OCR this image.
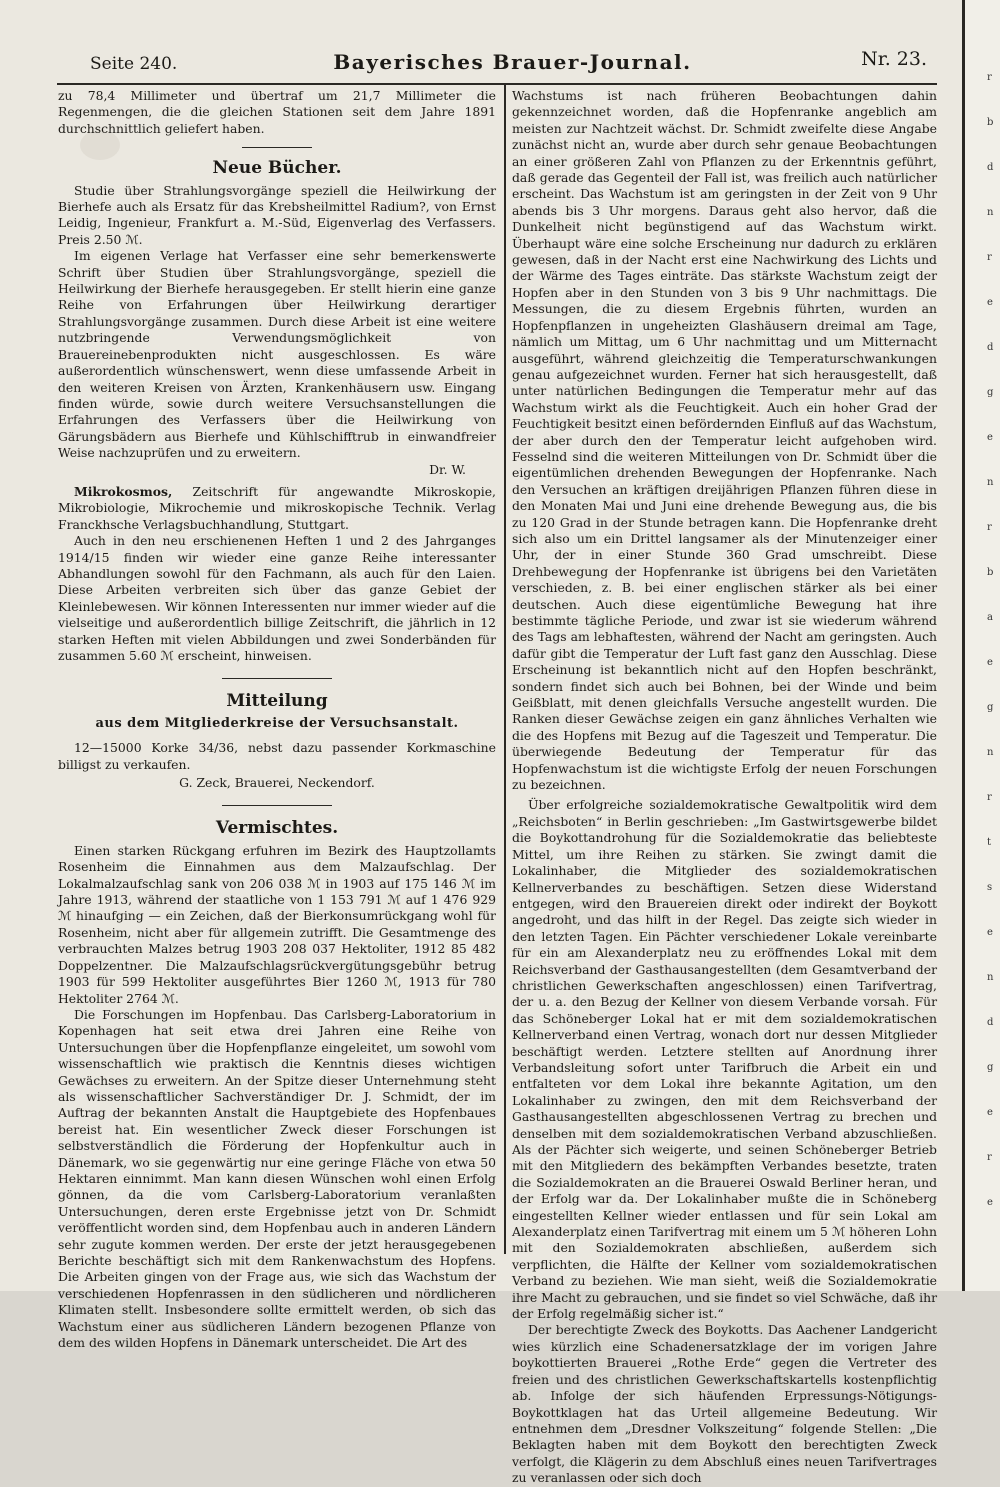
Seite 240.	Bayerisches Brauer-Journal.	Nr. 23.

zu 78,4 Millimeter und übertraf um 21,7 Millimeter die Regenmengen, die die gleichen Stationen seit dem Jahre 1891 durchschnittlich geliefert haben.

Neue Bücher.

Studie über Strahlungsvorgänge speziell die Heilwirkung der Bierhefe auch als Ersatz für das Krebsheilmittel Radium?, von Ernst Leidig, Ingenieur, Frankfurt a. M.-Süd, Eigenverlag des Verfassers. Preis 2.50 ℳ.

Im eigenen Verlage hat Verfasser eine sehr bemerkenswerte Schrift über Studien über Strahlungsvorgänge, speziell die Heilwirkung der Bierhefe herausgegeben. Er stellt hierin eine ganze Reihe von Erfahrungen über Heilwirkung derartiger Strahlungsvorgänge zusammen. Durch diese Arbeit ist eine weitere nutzbringende Verwendungsmöglichkeit von Brauereinebenprodukten nicht ausgeschlossen. Es wäre außerordentlich wünschenswert, wenn diese umfassende Arbeit in den weiteren Kreisen von Ärzten, Krankenhäusern usw. Eingang finden würde, sowie durch weitere Versuchsanstellungen die Erfahrungen des Verfassers über die Heilwirkung von Gärungsbädern aus Bierhefe und Kühlschifftrub in einwandfreier Weise nachzuprüfen und zu erweitern.

Dr. W.

Mikrokosmos, Zeitschrift für angewandte Mikroskopie, Mikrobiologie, Mikrochemie und mikroskopische Technik. Verlag Franckhsche Verlagsbuchhandlung, Stuttgart.

Auch in den neu erschienenen Heften 1 und 2 des Jahrganges 1914/15 finden wir wieder eine ganze Reihe interessanter Abhandlungen sowohl für den Fachmann, als auch für den Laien. Diese Arbeiten verbreiten sich über das ganze Gebiet der Kleinlebewesen. Wir können Interessenten nur immer wieder auf die vielseitige und außerordentlich billige Zeitschrift, die jährlich in 12 starken Heften mit vielen Abbildungen und zwei Sonderbänden für zusammen 5.60 ℳ erscheint, hinweisen.

Mitteilung
aus dem Mitgliederkreise der Versuchsanstalt.

12—15000 Korke 34/36, nebst dazu passender Korkmaschine billigst zu verkaufen.

G. Zeck, Brauerei, Neckendorf.
Vermischtes.

Einen starken Rückgang erfuhren im Bezirk des Hauptzollamts Rosenheim die Einnahmen aus dem Malzaufschlag. Der Lokalmalzaufschlag sank von 206 038 ℳ in 1903 auf 175 146 ℳ im Jahre 1913, während der staatliche von 1 153 791 ℳ auf 1 476 929 ℳ hinaufging — ein Zeichen, daß der Bierkonsumrückgang wohl für Rosenheim, nicht aber für allgemein zutrifft. Die Gesamtmenge des verbrauchten Malzes betrug 1903 208 037 Hektoliter, 1912 85 482 Doppelzentner. Die Malzaufschlagsrückvergütungsgebühr betrug 1903 für 599 Hektoliter ausgeführtes Bier 1260 ℳ, 1913 für 780 Hektoliter 2764 ℳ.

Die Forschungen im Hopfenbau. Das Carlsberg-Laboratorium in Kopenhagen hat seit etwa drei Jahren eine Reihe von Untersuchungen über die Hopfenpflanze eingeleitet, um sowohl vom wissenschaftlich wie praktisch die Kenntnis dieses wichtigen Gewächses zu erweitern. An der Spitze dieser Unternehmung steht als wissenschaftlicher Sachverständiger Dr. J. Schmidt, der im Auftrag der bekannten Anstalt die Hauptgebiete des Hopfenbaues bereist hat. Ein wesentlicher Zweck dieser Forschungen ist selbstverständlich die Förderung der Hopfenkultur auch in Dänemark, wo sie gegenwärtig nur eine geringe Fläche von etwa 50 Hektaren einnimmt. Man kann diesen Wünschen wohl einen Erfolg gönnen, da die vom Carlsberg-Laboratorium veranlaßten Untersuchungen, deren erste Ergebnisse jetzt von Dr. Schmidt veröffentlicht worden sind, dem Hopfenbau auch in anderen Ländern sehr zugute kommen werden. Der erste der jetzt herausgegebenen Berichte beschäftigt sich mit dem Rankenwachstum des Hopfens. Die Arbeiten gingen von der Frage aus, wie sich das Wachstum der verschiedenen Hopfenrassen in den südlicheren und nördlicheren Klimaten stellt. Insbesondere sollte ermittelt werden, ob sich das Wachstum einer aus südlicheren Ländern bezogenen Pflanze von dem des wilden Hopfens in Dänemark unterscheidet. Die Art des

Wachstums ist nach früheren Beobachtungen dahin gekennzeichnet worden, daß die Hopfenranke angeblich am meisten zur Nachtzeit wächst. Dr. Schmidt zweifelte diese Angabe zunächst nicht an, wurde aber durch sehr genaue Beobachtungen an einer größeren Zahl von Pflanzen zu der Erkenntnis geführt, daß gerade das Gegenteil der Fall ist, was freilich auch natürlicher erscheint. Das Wachstum ist am geringsten in der Zeit von 9 Uhr abends bis 3 Uhr morgens. Daraus geht also hervor, daß die Dunkelheit nicht begünstigend auf das Wachstum wirkt. Überhaupt wäre eine solche Erscheinung nur dadurch zu erklären gewesen, daß in der Nacht erst eine Nachwirkung des Lichts und der Wärme des Tages einträte. Das stärkste Wachstum zeigt der Hopfen aber in den Stunden von 3 bis 9 Uhr nachmittags. Die Messungen, die zu diesem Ergebnis führten, wurden an Hopfenpflanzen in ungeheizten Glashäusern dreimal am Tage, nämlich um Mittag, um 6 Uhr nachmittag und um Mitternacht ausgeführt, während gleichzeitig die Temperaturschwankungen genau aufgezeichnet wurden. Ferner hat sich herausgestellt, daß unter natürlichen Bedingungen die Temperatur mehr auf das Wachstum wirkt als die Feuchtigkeit. Auch ein hoher Grad der Feuchtigkeit besitzt einen befördernden Einfluß auf das Wachstum, der aber durch den der Temperatur leicht aufgehoben wird. Fesselnd sind die weiteren Mitteilungen von Dr. Schmidt über die eigentümlichen drehenden Bewegungen der Hopfenranke. Nach den Versuchen an kräftigen dreijährigen Pflanzen führen diese in den Monaten Mai und Juni eine drehende Bewegung aus, die bis zu 120 Grad in der Stunde betragen kann. Die Hopfenranke dreht sich also um ein Drittel langsamer als der Minutenzeiger einer Uhr, der in einer Stunde 360 Grad umschreibt. Diese Drehbewegung der Hopfenranke ist übrigens bei den Varietäten verschieden, z. B. bei einer englischen stärker als bei einer deutschen. Auch diese eigentümliche Bewegung hat ihre bestimmte tägliche Periode, und zwar ist sie wiederum während des Tags am lebhaftesten, während der Nacht am geringsten. Auch dafür gibt die Temperatur der Luft fast ganz den Ausschlag. Diese Erscheinung ist bekanntlich nicht auf den Hopfen beschränkt, sondern findet sich auch bei Bohnen, bei der Winde und beim Geißblatt, mit denen gleichfalls Versuche angestellt wurden. Die Ranken dieser Gewächse zeigen ein ganz ähnliches Verhalten wie die des Hopfens mit Bezug auf die Tageszeit und Temperatur. Die überwiegende Bedeutung der Temperatur für das Hopfenwachstum ist die wichtigste Erfolg der neuen Forschungen zu bezeichnen.

Über erfolgreiche sozialdemokratische Gewaltpolitik wird dem „Reichsboten“ in Berlin geschrieben: „Im Gastwirtsgewerbe bildet die Boykottandrohung für die Sozialdemokratie das beliebteste Mittel, um ihre Reihen zu stärken. Sie zwingt damit die Lokalinhaber, die Mitglieder des sozialdemokratischen Kellnerverbandes zu beschäftigen. Setzen diese Widerstand entgegen, wird den Brauereien direkt oder indirekt der Boykott angedroht, und das hilft in der Regel. Das zeigte sich wieder in den letzten Tagen. Ein Pächter verschiedener Lokale vereinbarte für ein am Alexanderplatz neu zu eröffnendes Lokal mit dem Reichsverband der Gasthausangestellten (dem Gesamtverband der christlichen Gewerkschaften angeschlossen) einen Tarifvertrag, der u. a. den Bezug der Kellner von diesem Verbande vorsah. Für das Schöneberger Lokal hat er mit dem sozialdemokratischen Kellnerverband einen Vertrag, wonach dort nur dessen Mitglieder beschäftigt werden. Letztere stellten auf Anordnung ihrer Verbandsleitung sofort unter Tarifbruch die Arbeit ein und entfalteten vor dem Lokal ihre bekannte Agitation, um den Lokalinhaber zu zwingen, den mit dem Reichsverband der Gasthausangestellten abgeschlossenen Vertrag zu brechen und denselben mit dem sozialdemokratischen Verband abzuschließen. Als der Pächter sich weigerte, und seinen Schöneberger Betrieb mit den Mitgliedern des bekämpften Verbandes besetzte, traten die Sozialdemokraten an die Brauerei Oswald Berliner heran, und der Erfolg war da. Der Lokalinhaber mußte die in Schöneberg eingestellten Kellner wieder entlassen und für sein Lokal am Alexanderplatz einen Tarifvertrag mit einem um 5 ℳ höheren Lohn mit den Sozialdemokraten abschließen, außerdem sich verpflichten, die Hälfte der Kellner vom sozialdemokratischen Verband zu beziehen. Wie man sieht, weiß die Sozialdemokratie ihre Macht zu gebrauchen, und sie findet so viel Schwäche, daß ihr der Erfolg regelmäßig sicher ist.“

Der berechtigte Zweck des Boykotts. Das Aachener Landgericht wies kürzlich eine Schadenersatzklage der im vorigen Jahre boykottierten Brauerei „Rothe Erde“ gegen die Vertreter des freien und des christlichen Gewerkschaftskartells kostenpflichtig ab. Infolge der sich häufenden Erpressungs-Nötigungs-Boykottklagen hat das Urteil allgemeine Bedeutung. Wir entnehmen dem „Dresdner Volkszeitung“ folgende Stellen: „Die Beklagten haben mit dem Boykott den berechtigten Zweck verfolgt, die Klägerin zu dem Abschluß eines neuen Tarifvertrages zu veranlassen oder sich doch

r
b
d
n
r
e
d
g
e
n
r
b
a
e
g
n
r
t
s
e
n
d
g
e
r
e
